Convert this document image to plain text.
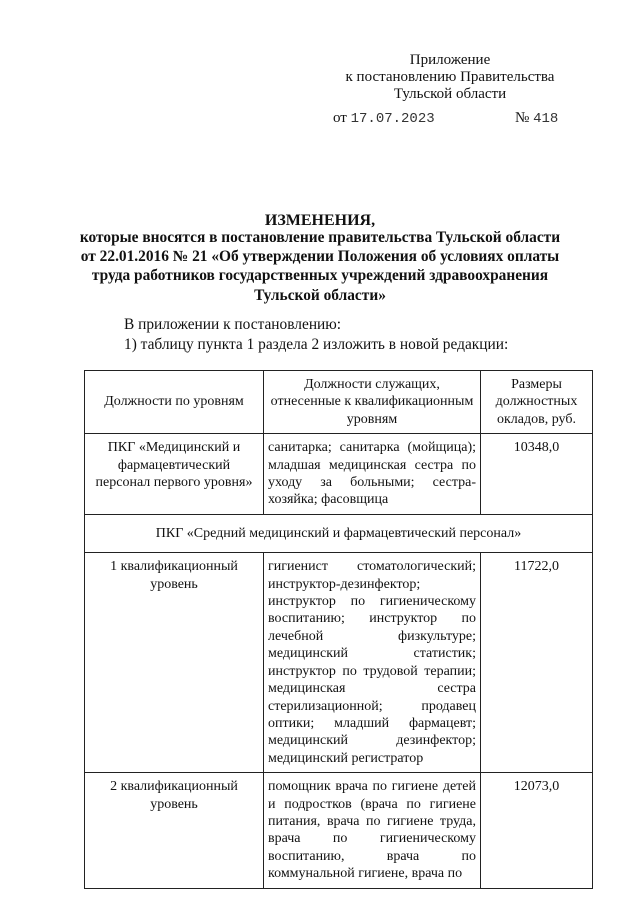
Приложение
к постановлению Правительства
Тульской области
от 17.07.2023	№ 418
ИЗМЕНЕНИЯ,
которые вносятся в постановление правительства Тульской области
от 22.01.2016 № 21 «Об утверждении Положения об условиях оплаты
труда работников государственных учреждений здравоохранения
Тульской области»
В приложении к постановлению:
1) таблицу пункта 1 раздела 2 изложить в новой редакции:
Должности по уровням	Должности служащих, отнесенные к квалификационным уровням	Размеры должностных окладов, руб.
ПКГ «Медицинский и фармацевтический персонал первого уровня»	санитарка; санитарка (мойщица); младшая медицинская сестра по уходу за больными; сестра-хозяйка; фасовщица	10348,0
ПКГ «Средний медицинский и фармацевтический персонал»		
1 квалификационный уровень	гигиенист стоматологический; инструктор-дезинфектор; инструктор по гигиеническому воспитанию; инструктор по лечебной физкультуре; медицинский статистик; инструктор по трудовой терапии; медицинская сестра стерилизационной; продавец оптики; младший фармацевт; медицинский дезинфектор; медицинский регистратор	11722,0
2 квалификационный уровень	помощник врача по гигиене детей и подростков (врача по гигиене питания, врача по гигиене труда, врача по гигиеническому воспитанию, врача по коммунальной гигиене, врача по	12073,0
